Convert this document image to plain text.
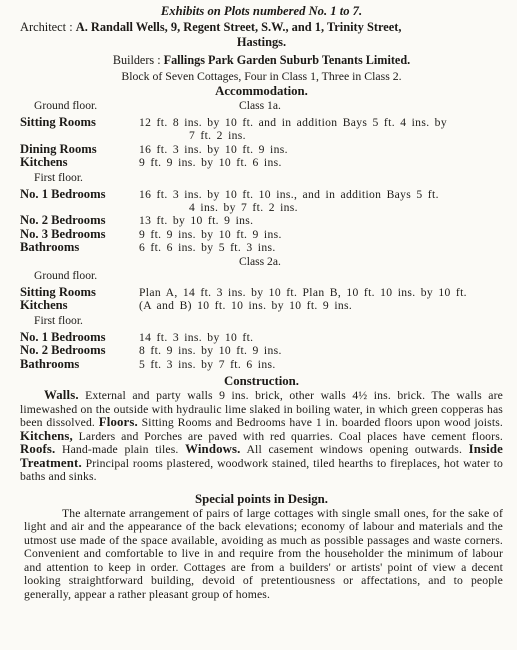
Exhibits on Plots numbered No. 1 to 7.
Architect : A. Randall Wells, 9, Regent Street, S.W., and 1, Trinity Street,
Hastings.
Builders : Fallings Park Garden Suburb Tenants Limited.
Block of Seven Cottages, Four in Class 1, Three in Class 2.
Accommodation.
Ground floor.	Class 1a.
Sitting Rooms	12 ft. 8 ins. by 10 ft. and in addition Bays 5 ft. 4 ins. by
7 ft. 2 ins.
Dining Rooms	16 ft. 3 ins. by 10 ft. 9 ins.
Kitchens	9 ft. 9 ins. by 10 ft. 6 ins.
First floor.
No. 1 Bedrooms	16 ft. 3 ins. by 10 ft. 10 ins., and in addition Bays 5 ft.
4 ins. by 7 ft. 2 ins.
No. 2 Bedrooms	13 ft. by 10 ft. 9 ins.
No. 3 Bedrooms	9 ft. 9 ins. by 10 ft. 9 ins.
Bathrooms	6 ft. 6 ins. by 5 ft. 3 ins.
Class 2a.
Ground floor.
Sitting Rooms	Plan A, 14 ft. 3 ins. by 10 ft. Plan B, 10 ft. 10 ins. by 10 ft.
Kitchens	(A and B) 10 ft. 10 ins. by 10 ft. 9 ins.
First floor.
No. 1 Bedrooms	14 ft. 3 ins. by 10 ft.
No. 2 Bedrooms	8 ft. 9 ins. by 10 ft. 9 ins.
Bathrooms	5 ft. 3 ins. by 7 ft. 6 ins.
Construction.

Walls. External and party walls 9 ins. brick, other walls 4½ ins. brick. The walls are limewashed on the outside with hydraulic lime slaked in boiling water, in which green copperas has been dissolved. Floors. Sitting Rooms and Bedrooms have 1 in. boarded floors upon wood joists. Kitchens, Larders and Porches are paved with red quarries. Coal places have cement floors. Roofs. Hand-made plain tiles. Windows. All casement windows opening outwards. Inside Treatment. Principal rooms plastered, woodwork stained, tiled hearths to fireplaces, hot water to baths and sinks.

Special points in Design.

The alternate arrangement of pairs of large cottages with single small ones, for the sake of light and air and the appearance of the back elevations; economy of labour and materials and the utmost use made of the space available, avoiding as much as possible passages and waste corners. Convenient and comfortable to live in and require from the householder the minimum of labour and attention to keep in order. Cottages are from a builders' or artists' point of view a decent looking straightforward building, devoid of pretentiousness or affectations, and to people generally, appear a rather pleasant group of homes.
